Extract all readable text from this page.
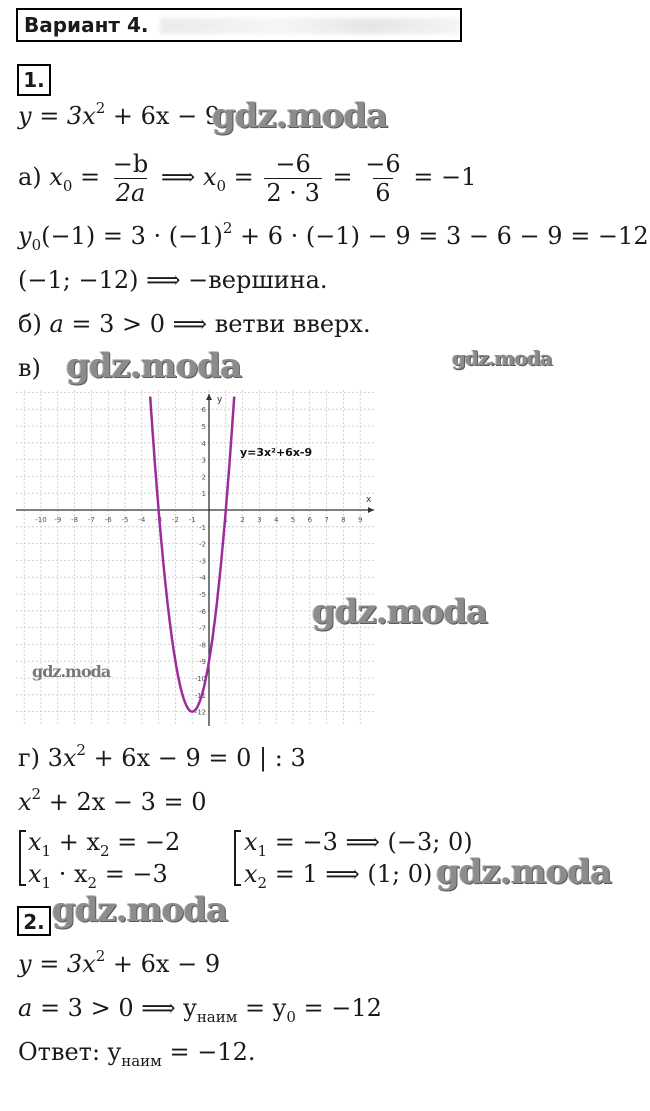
Вариант 4.
1.
$y = 3x^2 + 6x - 9$
а) $x_0 = \frac{-b}{2a}$ ⟹ $x_0 = \frac{-6}{2 \cdot 3} = \frac{-6}{6} = -1$
$y_0(-1) = 3 \cdot (-1)^2 + 6 \cdot (-1) - 9 = 3 - 6 - 9 = -12$
(−1; −12) ⟹ −вершина.
б) a = 3 > 0 ⟹ ветви вверх.
в)
x
y
-10 -9 -8 -7 -6 -5 -4 -3 -2 -1	1 2 3 4 5 6 7 8 9
6
5
4
3
2
1
-1
-2
-3
-4
-5
-6
-7
-8
-9
-10
-11
-12
y=3x²+6x-9
г) $3x^2 + 6x - 9 = 0$ | : 3
$x^2 + 2x - 3 = 0$
$x_1 + x_2 = -2$
$x_1 \cdot x_2 = -3$
$x_1 = -3$ ⟹ (−3; 0)
$x_2 = 1$ ⟹ (1; 0)
2.
$y = 3x^2 + 6x - 9$
a = 3 > 0 ⟹ $y_{наим} = y_0 = -12$
Ответ: $y_{наим} = -12$.
gdz.moda
gdz.moda	gdz.moda
gdz.moda
gdz.moda
gdz.moda
gdz.moda
